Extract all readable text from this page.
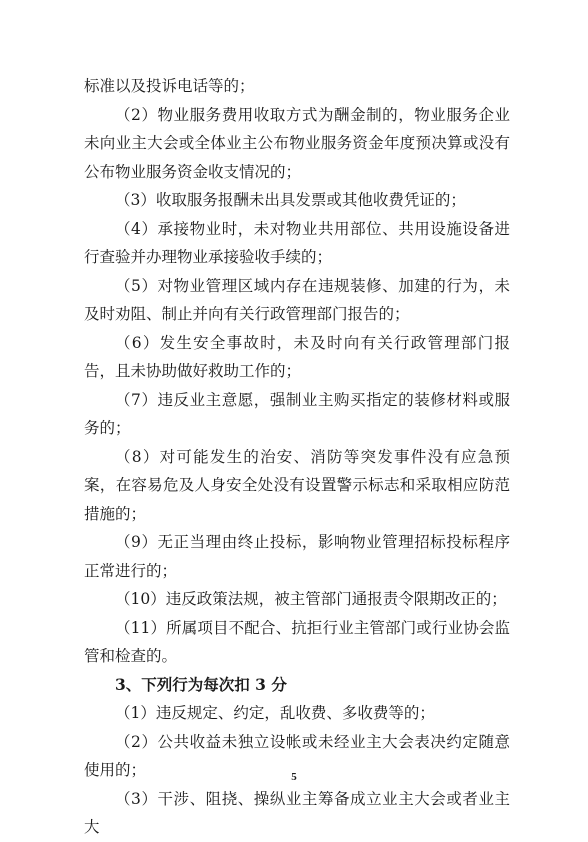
标准以及投诉电话等的；

（2）物业服务费用收取方式为酬金制的，物业服务企业未向业主大会或全体业主公布物业服务资金年度预决算或没有公布物业服务资金收支情况的；

（3）收取服务报酬未出具发票或其他收费凭证的；

（4）承接物业时，未对物业共用部位、共用设施设备进行查验并办理物业承接验收手续的；

（5）对物业管理区域内存在违规装修、加建的行为，未及时劝阻、制止并向有关行政管理部门报告的；

（6）发生安全事故时，未及时向有关行政管理部门报告，且未协助做好救助工作的；

（7）违反业主意愿，强制业主购买指定的装修材料或服务的；

（8）对可能发生的治安、消防等突发事件没有应急预案，在容易危及人身安全处没有设置警示标志和采取相应防范措施的；

（9）无正当理由终止投标，影响物业管理招标投标程序正常进行的；

（10）违反政策法规，被主管部门通报责令限期改正的；

（11）所属项目不配合、抗拒行业主管部门或行业协会监管和检查的。

3、下列行为每次扣 3 分

（1）违反规定、约定，乱收费、多收费等的；

（2）公共收益未独立设帐或未经业主大会表决约定随意使用的；

（3）干涉、阻挠、操纵业主筹备成立业主大会或者业主大

5
